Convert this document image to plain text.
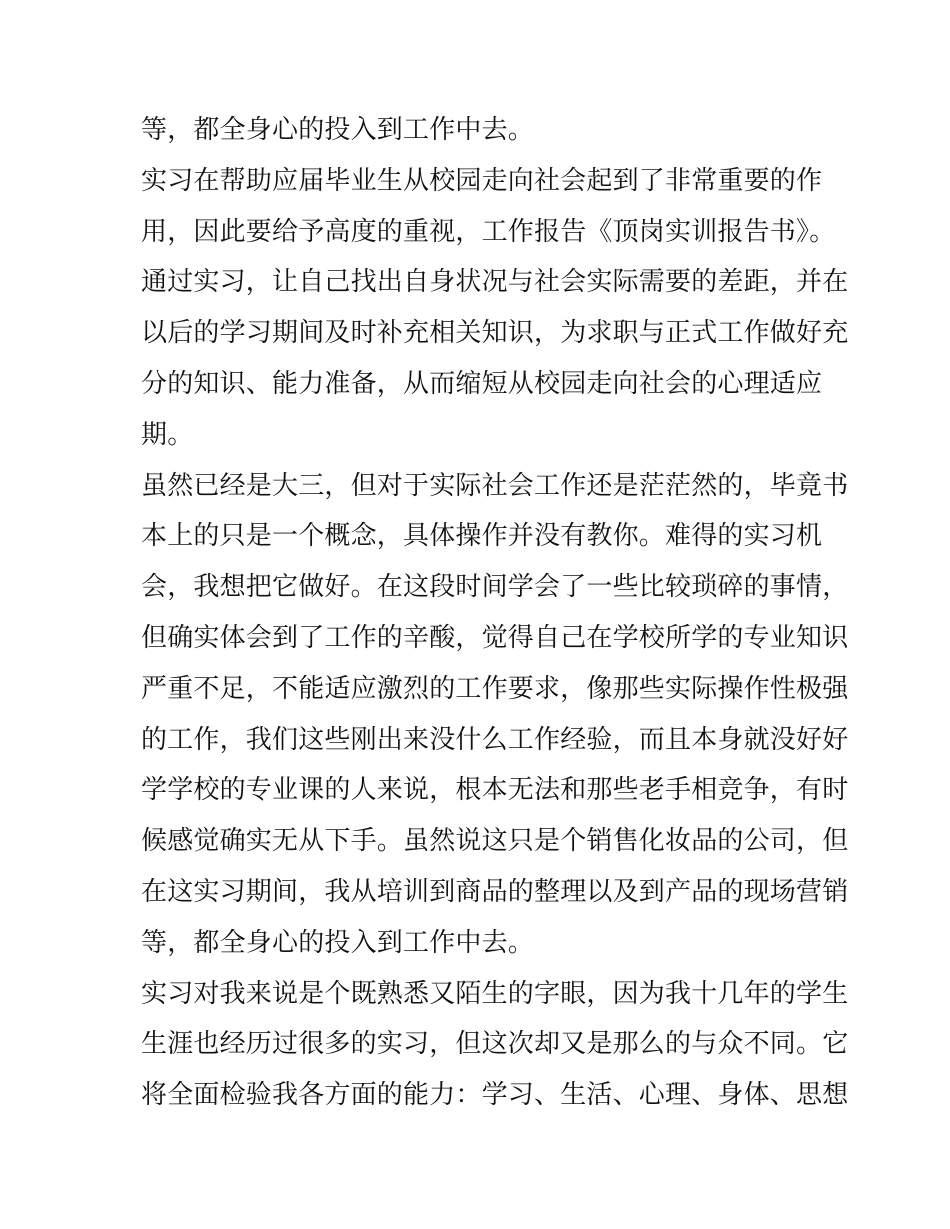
等，都全身心的投入到工作中去。
实习在帮助应届毕业生从校园走向社会起到了非常重要的作
用，因此要给予高度的重视，工作报告《顶岗实训报告书》。
通过实习，让自己找出自身状况与社会实际需要的差距，并在
以后的学习期间及时补充相关知识，为求职与正式工作做好充
分的知识、能力准备，从而缩短从校园走向社会的心理适应
期。
虽然已经是大三，但对于实际社会工作还是茫茫然的，毕竟书
本上的只是一个概念，具体操作并没有教你。难得的实习机
会，我想把它做好。在这段时间学会了一些比较琐碎的事情，
但确实体会到了工作的辛酸，觉得自己在学校所学的专业知识
严重不足，不能适应激烈的工作要求，像那些实际操作性极强
的工作，我们这些刚出来没什么工作经验，而且本身就没好好
学学校的专业课的人来说，根本无法和那些老手相竞争，有时
候感觉确实无从下手。虽然说这只是个销售化妆品的公司，但
在这实习期间，我从培训到商品的整理以及到产品的现场营销
等，都全身心的投入到工作中去。
实习对我来说是个既熟悉又陌生的字眼，因为我十几年的学生
生涯也经历过很多的实习，但这次却又是那么的与众不同。它
将全面检验我各方面的能力：学习、生活、心理、身体、思想
